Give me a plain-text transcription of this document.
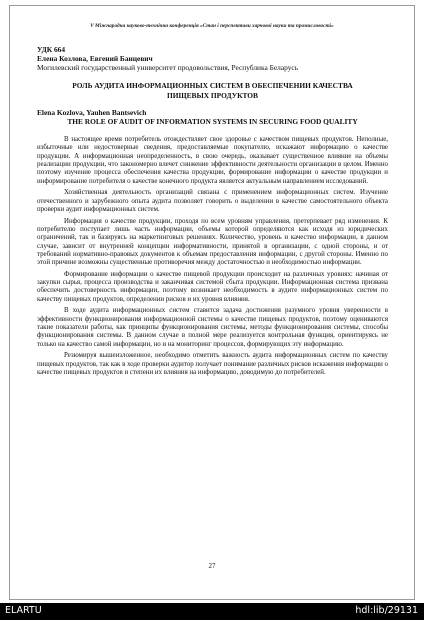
V Міжнародна науково-технічна конференція «Стан і перспективи харчової науки та промисловості»
УДК 664
Елена Козлова, Евгений Банцевич
Могилевский государственный университет продовольствия, Республика Беларусь
РОЛЬ АУДИТА ИНФОРМАЦИОННЫХ СИСТЕМ В ОБЕСПЕЧЕНИИ КАЧЕСТВА ПИЩЕВЫХ ПРОДУКТОВ
Elena Kozlova, Yauhen Bantsevich
THE ROLE OF AUDIT OF INFORMATION SYSTEMS IN SECURING FOOD QUALITY

В настоящее время потребитель отождествляет свое здоровье с качеством пищевых продуктов. Неполные, избыточные или недостоверные сведения, предоставляемые покупателю, искажают информацию о качестве продукции. А информационная неопределенность, в свою очередь, оказывает существенное влияние на объемы реализации продукции, что закономерно влечет снижение эффективности деятельности организации в целом. Именно поэтому изучение процесса обеспечения качества продукции, формирование информации о качестве продукции и информирование потребителя о качестве конечного продукта является актуальным направлением исследований.

Хозяйственная деятельность организаций связана с применением информационных систем. Изучение отечественного и зарубежного опыта аудита позволяет говорить о выделении в качестве самостоятельного объекта проверки аудит информационных систем.

Информация о качестве продукции, проходя по всем уровням управления, претерпевает ряд изменения. К потребителю поступает лишь часть информации, объемы которой определяются как исходя из юридических ограничений, так и базируясь на маркетинговых решениях. Количество, уровень и качество информации, в данном случае, зависит от внутренней концепции информативности, принятой в организации, с одной стороны, и от требований нормативно-правовых документов к объемам предоставления информации, с другой стороны. Именно по этой причине возможны существенные противоречия между достаточностью и необходимостью информации.

Формирование информации о качестве пищевой продукции происходит на различных уровнях: начиная от закупки сырья, процесса производства и заканчивая системой сбыта продукции. Информационная система призвана обеспечить достоверность информации, поэтому возникает необходимость в аудите информационных систем по качеству пищевых продуктов, определении рисков и их уровня влияния.

В ходе аудита информационных систем ставится задача достижения разумного уровня уверенности в эффективности функционирования информационной системы о качестве пищевых продуктов, поэтому оцениваются такие показатели работы, как принципы функционирования системы, методы функционирования системы, способы функционирования системы. В данном случае в полной мере реализуется контрольная функция, ориентируясь не только на качество самой информации, но и на мониторинг процессов, формирующих эту информацию.

Резюмируя вышеизложенное, необходимо отметить важность аудита информационных систем по качеству пищевых продуктов, так как в ходе проверки аудитор получает понимание различных рисков искажения информации о качестве пищевых продуктов и степени их влияния на информацию, доводимую до потребителей.

27
ELARTU	hdl:lib/29131
